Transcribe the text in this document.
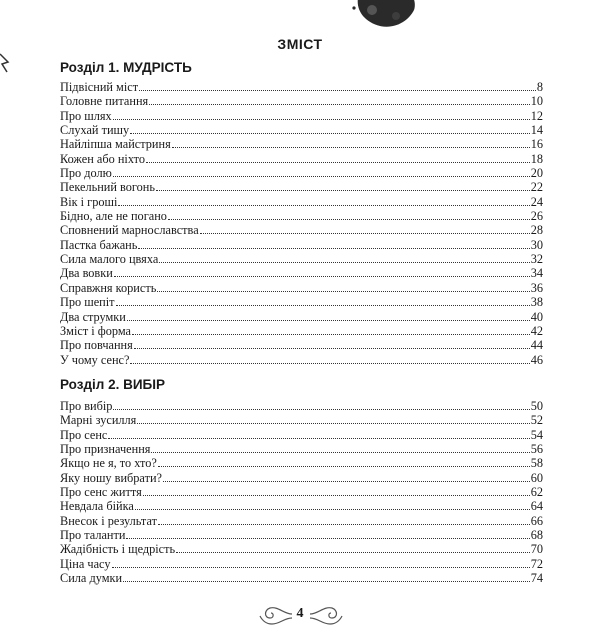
ЗМІСТ
Розділ 1. МУДРІСТЬ
Підвісний міст	8
Головне питання	10
Про шлях	12
Слухай тишу	14
Найліпша майстриня	16
Кожен або ніхто	18
Про долю	20
Пекельний вогонь	22
Вік і гроші	24
Бідно, але не погано	26
Сповнений марнославства	28
Пастка бажань	30
Сила малого цвяха	32
Два вовки	34
Справжня користь	36
Про шепіт	38
Два струмки	40
Зміст і форма	42
Про повчання	44
У чому сенс?	46
Розділ 2. ВИБІР
Про вибір	50
Марні зусилля	52
Про сенс	54
Про призначення	56
Якщо не я, то хто?	58
Яку ношу вибрати?	60
Про сенс життя	62
Невдала бійка	64
Внесок і результат	66
Про таланти	68
Жадібність і щедрість	70
Ціна часу	72
Сила думки	74
4
